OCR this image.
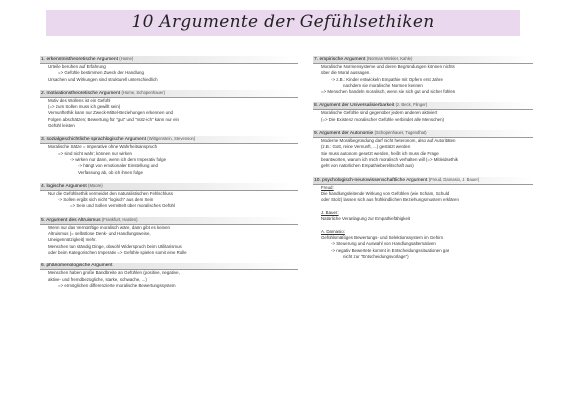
10 Argumente der Gefühlsethiken
1. erkenntnistheoretische Argument (Hume)
Urteile beruhen auf Erfahrung
=> Gefühle bestimmen Zweck der Handlung
Ursachen und Wirkungen sind strukturell unterschiedlich
2. motivationstheoretische Argument (Hume, Schopenhauer)
Motiv des Wollens ist ein Gefühl
(=> zum Sollen muss ich gewillt sein)
Vernunftethik kann nur Zweck-Mittel-Beziehungen erkennen und
Folgen abschätzen; Bewertung für "gut" und "nütz-ich" kann nur ein
Gefühl leisten
3. sozialgeschichtliche sprachlogische Argument (Wittgenstein, Stevenson)
Moralische Sätze = Imperative ohne Wahrheitsanspruch
=> sind nicht wahr; können nur wirken
-> wirken nur dann, wenn ich dem Imperativ folge
-> hängt von emotionaler Einstellung und
Verfassung ab, ob ich ihnen folge
4. logische Argument (Moore)
Nur die Gefühlsethik vermeidet den naturalistischen Fehlschluss
-> Sollen ergibt sich nicht "logisch" aus dem Sein
=> Sein und Sollen vermittelt über moralisches Gefühl
5. Argument des Altruismus (Frankfurt, Harden)
Wenn nur das Vernünftige moralisch wäre, dann gibt es keinen
Altruismus (= selbstlose Denk- und Handlungsweise,
Uneigennützigkeit) mehr.
Menschen tun ständig Dinge, obwohl Widerspruch beim Utilitarismus
oder beim Kategorischen Imperativ => Gefühle spielen somit eine Rolle
6. phänomenologische Argument
Menschen haben große Bandbreite an Gefühlen (positive, negative,
aktive- und fremdbezügliche, starke, schwache, ...)
=> ermöglichen differenzierte moralische Bewertungssystem
7. empirische Argument (Norman Winkler, Kahle)
Moralische Normensysteme und deren Begründungen können nichts
über die Moral aussagen.
-> z.B.: Kinder entwickeln Empathie mit Opfern erst Jahre
nachdem sie moralische Normen kennen
=> Menschen handeln moralisch, wenn sie sich gut und sicher fühlen
8. Argument der Universalisierbarkeit (z. Beck, Flinger)
Moralische Gefühle sind gegenüber jedem anderen aktiviert
(=> Die Existenz moralischer Gefühle verbindet alle Menschen)
9. Argument der Autonomie (Schopenhauer, Tugendhat)
Moderne Moralbegründung darf nicht heteronom, also auf Autoritäten
(z.B.: Gott, reine Vernunft, ...) gestützt werden
Sie muss autonom gesetzt werden, heißt ich muss die Frage
beantworten, warum ich mich moralisch verhalten will (=> Mitleidsethik
geht von natürlichen Empathieberelitschaft aus)
10. psychologisch-neurowissenschaftliche Argument (Freud, Damasio, J. Bauer)
Freud:
Die handlungsleitende Wirkung von Gefühlen (wie Scham, Schuld
oder Stolz) lassen sich aus frühkindlichen Beziehungsmustern erklären

J. Bauer:
Natürliche Veranlagung zur Empathiefähigkeit

A. Damasio:
Gefühlsmäßiges Bewertungs- und Selektionssystem im Gehirn
-> Steuerung und Auswahl von Handlungsalternativen
-> negativ Bewertete kommt in Entscheidungssituationen gar
nicht zur "Entscheidungsvorlage")
